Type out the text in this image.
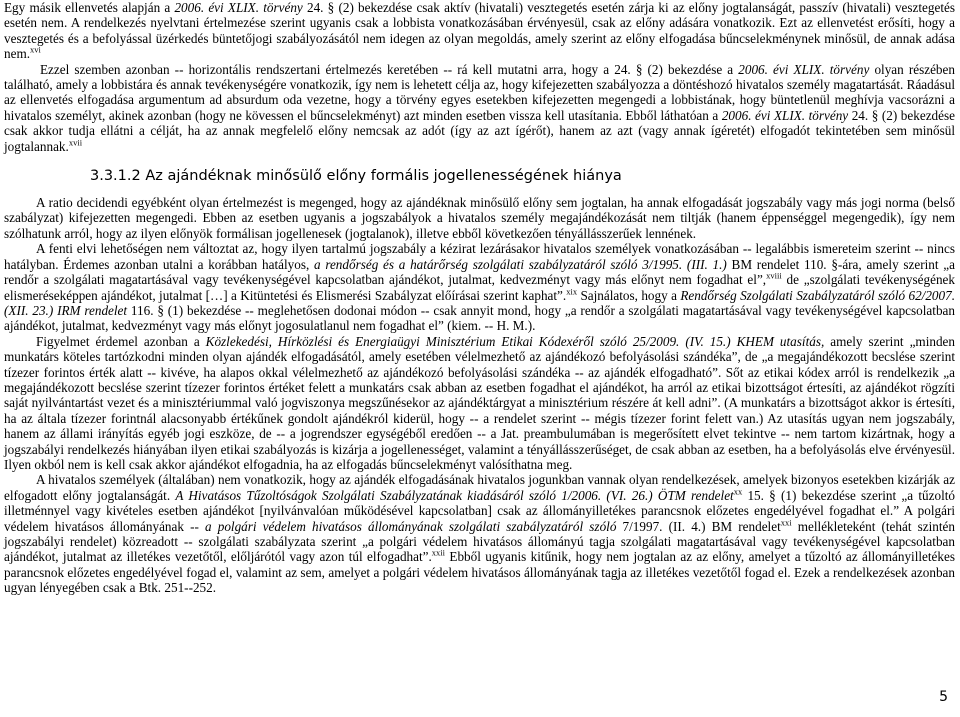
Egy másik ellenvetés alapján a 2006. évi XLIX. törvény 24. § (2) bekezdése csak aktív (hivatali) vesztegetés esetén zárja ki az előny jogtalanságát, passzív (hivatali) vesztegetés esetén nem. A rendelkezés nyelvtani értelmezése szerint ugyanis csak a lobbista vonatkozásában érvényesül, csak az előny adására vonatkozik. Ezt az ellenvetést erősíti, hogy a vesztegetés és a befolyással üzérkedés büntetőjogi szabályozásától nem idegen az olyan megoldás, amely szerint az előny elfogadása bűncselekménynek minősül, de annak adása nem.$^{xvi}$

Ezzel szemben azonban -- horizontális rendszertani értelmezés keretében -- rá kell mutatni arra, hogy a 24. § (2) bekezdése a 2006. évi XLIX. törvény olyan részében található, amely a lobbistára és annak tevékenységére vonatkozik, így nem is lehetett célja az, hogy kifejezetten szabályozza a döntéshozó hivatalos személy magatartását. Ráadásul az ellenvetés elfogadása argumentum ad absurdum oda vezetne, hogy a törvény egyes esetekben kifejezetten megengedi a lobbistának, hogy büntetlenül meghívja vacsorázni a hivatalos személyt, akinek azonban (hogy ne kövessen el bűncselekményt) azt minden esetben vissza kell utasítania. Ebből láthatóan a 2006. évi XLIX. törvény 24. § (2) bekezdése csak akkor tudja ellátni a célját, ha az annak megfelelő előny nemcsak az adót (így az azt ígérőt), hanem az azt (vagy annak ígéretét) elfogadót tekintetében sem minősül jogtalannak.$^{xvii}$

3.3.1.2 Az ajándéknak minősülő előny formális jogellenességének hiánya

A ratio decidendi egyébként olyan értelmezést is megenged, hogy az ajándéknak minősülő előny sem jogtalan, ha annak elfogadását jogszabály vagy más jogi norma (belső szabályzat) kifejezetten megengedi. Ebben az esetben ugyanis a jogszabályok a hivatalos személy megajándékozását nem tiltják (hanem éppenséggel megengedik), így nem szólhatunk arról, hogy az ilyen előnyök formálisan jogellenesek (jogtalanok), illetve ebből következően tényállásszerűek lennének.

A fenti elvi lehetőségen nem változtat az, hogy ilyen tartalmú jogszabály a kézirat lezárásakor hivatalos személyek vonatkozásában -- legalábbis ismereteim szerint -- nincs hatályban. Érdemes azonban utalni a korábban hatályos, a rendőrség és a határőrség szolgálati szabályzatáról szóló 3/1995. (III. 1.) BM rendelet 110. §-ára, amely szerint „a rendőr a szolgálati magatartásával vagy tevékenységével kapcsolatban ajándékot, jutalmat, kedvezményt vagy más előnyt nem fogadhat el”,$^{xviii}$ de „szolgálati tevékenységének elismeréseképpen ajándékot, jutalmat […] a Kitüntetési és Elismerési Szabályzat előírásai szerint kaphat”.$^{xix}$ Sajnálatos, hogy a Rendőrség Szolgálati Szabályzatáról szóló 62/2007. (XII. 23.) IRM rendelet 116. § (1) bekezdése -- meglehetősen dodonai módon -- csak annyit mond, hogy „a rendőr a szolgálati magatartásával vagy tevékenységével kapcsolatban ajándékot, jutalmat, kedvezményt vagy más előnyt jogosulatlanul nem fogadhat el” (kiem. -- H. M.).

Figyelmet érdemel azonban a Közlekedési, Hírközlési és Energiaügyi Minisztérium Etikai Kódexéről szóló 25/2009. (IV. 15.) KHEM utasítás, amely szerint „minden munkatárs köteles tartózkodni minden olyan ajándék elfogadásától, amely esetében vélelmezhető az ajándékozó befolyásolási szándéka”, de „a megajándékozott becslése szerint tízezer forintos érték alatt -- kivéve, ha alapos okkal vélelmezhető az ajándékozó befolyásolási szándéka -- az ajándék elfogadható”. Sőt az etikai kódex arról is rendelkezik „a megajándékozott becslése szerint tízezer forintos értéket felett a munkatárs csak abban az esetben fogadhat el ajándékot, ha arról az etikai bizottságot értesíti, az ajándékot rögzíti saját nyilvántartást vezet és a minisztériummal való jogviszonya megszűnésekor az ajándéktárgyat a minisztérium részére át kell adni”. (A munkatárs a bizottságot akkor is értesíti, ha az általa tízezer forintnál alacsonyabb értékűnek gondolt ajándékról kiderül, hogy -- a rendelet szerint -- mégis tízezer forint felett van.) Az utasítás ugyan nem jogszabály, hanem az állami irányítás egyéb jogi eszköze, de -- a jogrendszer egységéből eredően -- a Jat. preambulumában is megerősített elvet tekintve -- nem tartom kizártnak, hogy a jogszabályi rendelkezés hiányában ilyen etikai szabályozás is kizárja a jogellenességet, valamint a tényállásszerűséget, de csak abban az esetben, ha a befolyásolás elve érvényesül. Ilyen okból nem is kell csak akkor ajándékot elfogadnia, ha az elfogadás bűncselekményt valósíthatna meg.

A hivatalos személyek (általában) nem vonatkozik, hogy az ajándék elfogadásának hivatalos jogunkban vannak olyan rendelkezések, amelyek bizonyos esetekben kizárják az elfogadott előny jogtalanságát. A Hivatásos Tűzoltóságok Szolgálati Szabályzatának kiadásáról szóló 1/2006. (VI. 26.) ÖTM rendelet$^{xx}$ 15. § (1) bekezdése szerint „a tűzoltó illetménnyel vagy kivételes esetben ajándékot [nyilvánvalóan működésével kapcsolatban] csak az állományilletékes parancsnok előzetes engedélyével fogadhat el.” A polgári védelem hivatásos állományának -- a polgári védelem hivatásos állományának szolgálati szabályzatáról szóló 7/1997. (II. 4.) BM rendelet$^{xxi}$ mellékleteként (tehát szintén jogszabályi rendelet) közreadott -- szolgálati szabályzata szerint „a polgári védelem hivatásos állományú tagja szolgálati magatartásával vagy tevékenységével kapcsolatban ajándékot, jutalmat az illetékes vezetőtől, előljárótól vagy azon túl elfogadhat”.$^{xxii}$ Ebből ugyanis kitűnik, hogy nem jogtalan az az előny, amelyet a tűzoltó az állományilletékes parancsnok előzetes engedélyével fogad el, valamint az sem, amelyet a polgári védelem hivatásos állományának tagja az illetékes vezetőtől fogad el. Ezek a rendelkezések azonban ugyan lényegében csak a Btk. 251--252.

5
